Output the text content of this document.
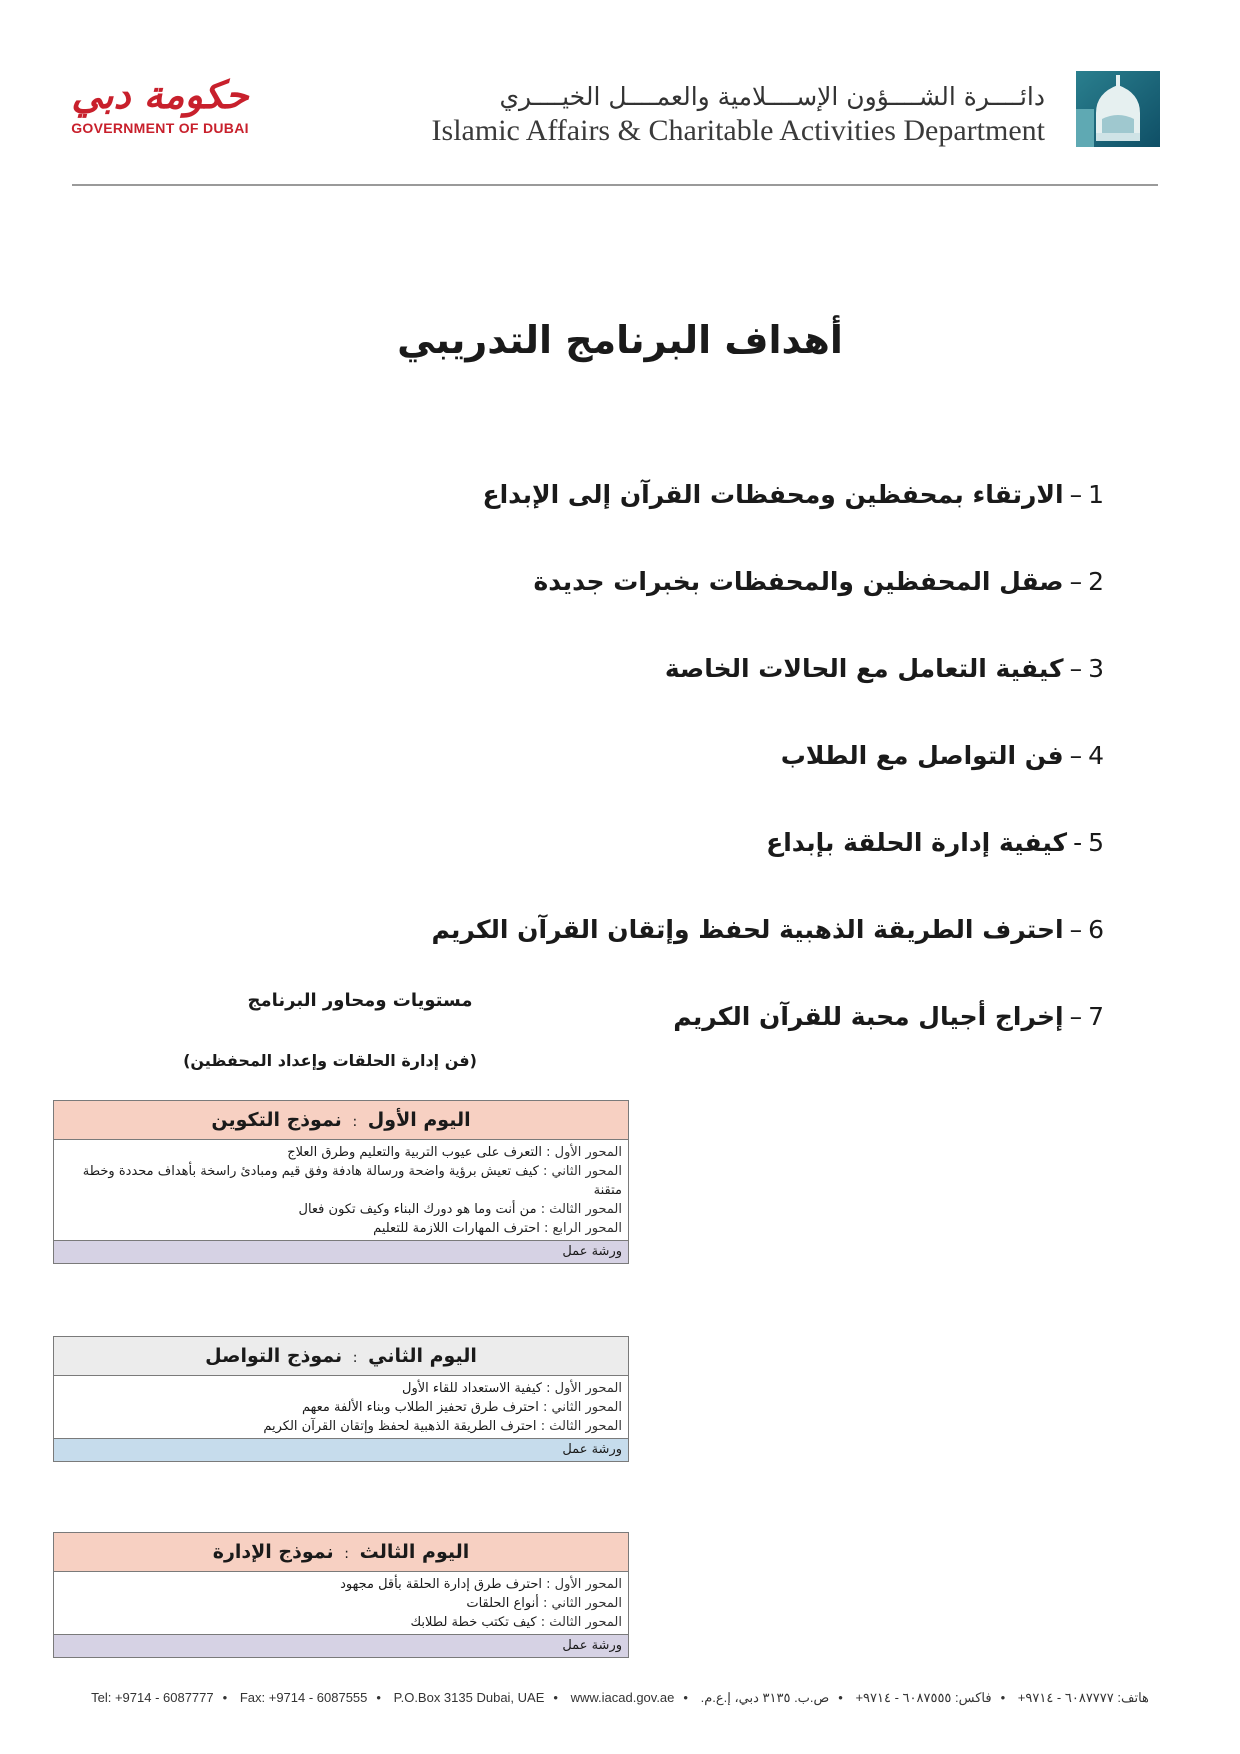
حكومة دبي
GOVERNMENT OF DUBAI
دائــــرة الشــــؤون الإســــلامية والعمــــل الخيــــري
Islamic Affairs & Charitable Activities Department
أهداف البرنامج التدريبي
1–الارتقاء بمحفظين ومحفظات القرآن إلى الإبداع
2–صقل المحفظين والمحفظات بخبرات جديدة
3–كيفية التعامل مع الحالات الخاصة
4–فن التواصل مع الطلاب
5-كيفية إدارة الحلقة بإبداع
6–احترف الطريقة الذهبية لحفظ وإتقان القرآن الكريم
7–إخراج أجيال محبة للقرآن الكريم
مستويات ومحاور البرنامج
(فن إدارة الحلقات وإعداد المحفظين)
اليوم الأول : نموذج التكوين
المحور الأول : التعرف على عيوب التربية والتعليم وطرق العلاج
المحور الثاني : كيف تعيش برؤية واضحة ورسالة هادفة وفق قيم ومبادئ راسخة بأهداف محددة وخطة متقنة
المحور الثالث : من أنت وما هو دورك البناء وكيف تكون فعال
المحور الرابع : احترف المهارات اللازمة للتعليم
ورشة عمل
اليوم الثاني : نموذج التواصل
المحور الأول : كيفية الاستعداد للقاء الأول
المحور الثاني : احترف طرق تحفيز الطلاب وبناء الألفة معهم
المحور الثالث : احترف الطريقة الذهبية لحفظ وإتقان القرآن الكريم
ورشة عمل
اليوم الثالث : نموذج الإدارة
المحور الأول : احترف طرق إدارة الحلقة بأقل مجهود
المحور الثاني : أنواع الحلقات
المحور الثالث : كيف تكتب خطة لطلابك
ورشة عمل
Tel: +9714 - 6087777 • Fax: +9714 - 6087555 • P.O.Box 3135 Dubai, UAE • www.iacad.gov.ae • ص.ب. ٣١٣٥ دبي، إ.ع.م. • فاكس: ٦٠٨٧٥٥٥ - ٩٧١٤+ • هاتف: ٦٠٨٧٧٧٧ - ٩٧١٤+
